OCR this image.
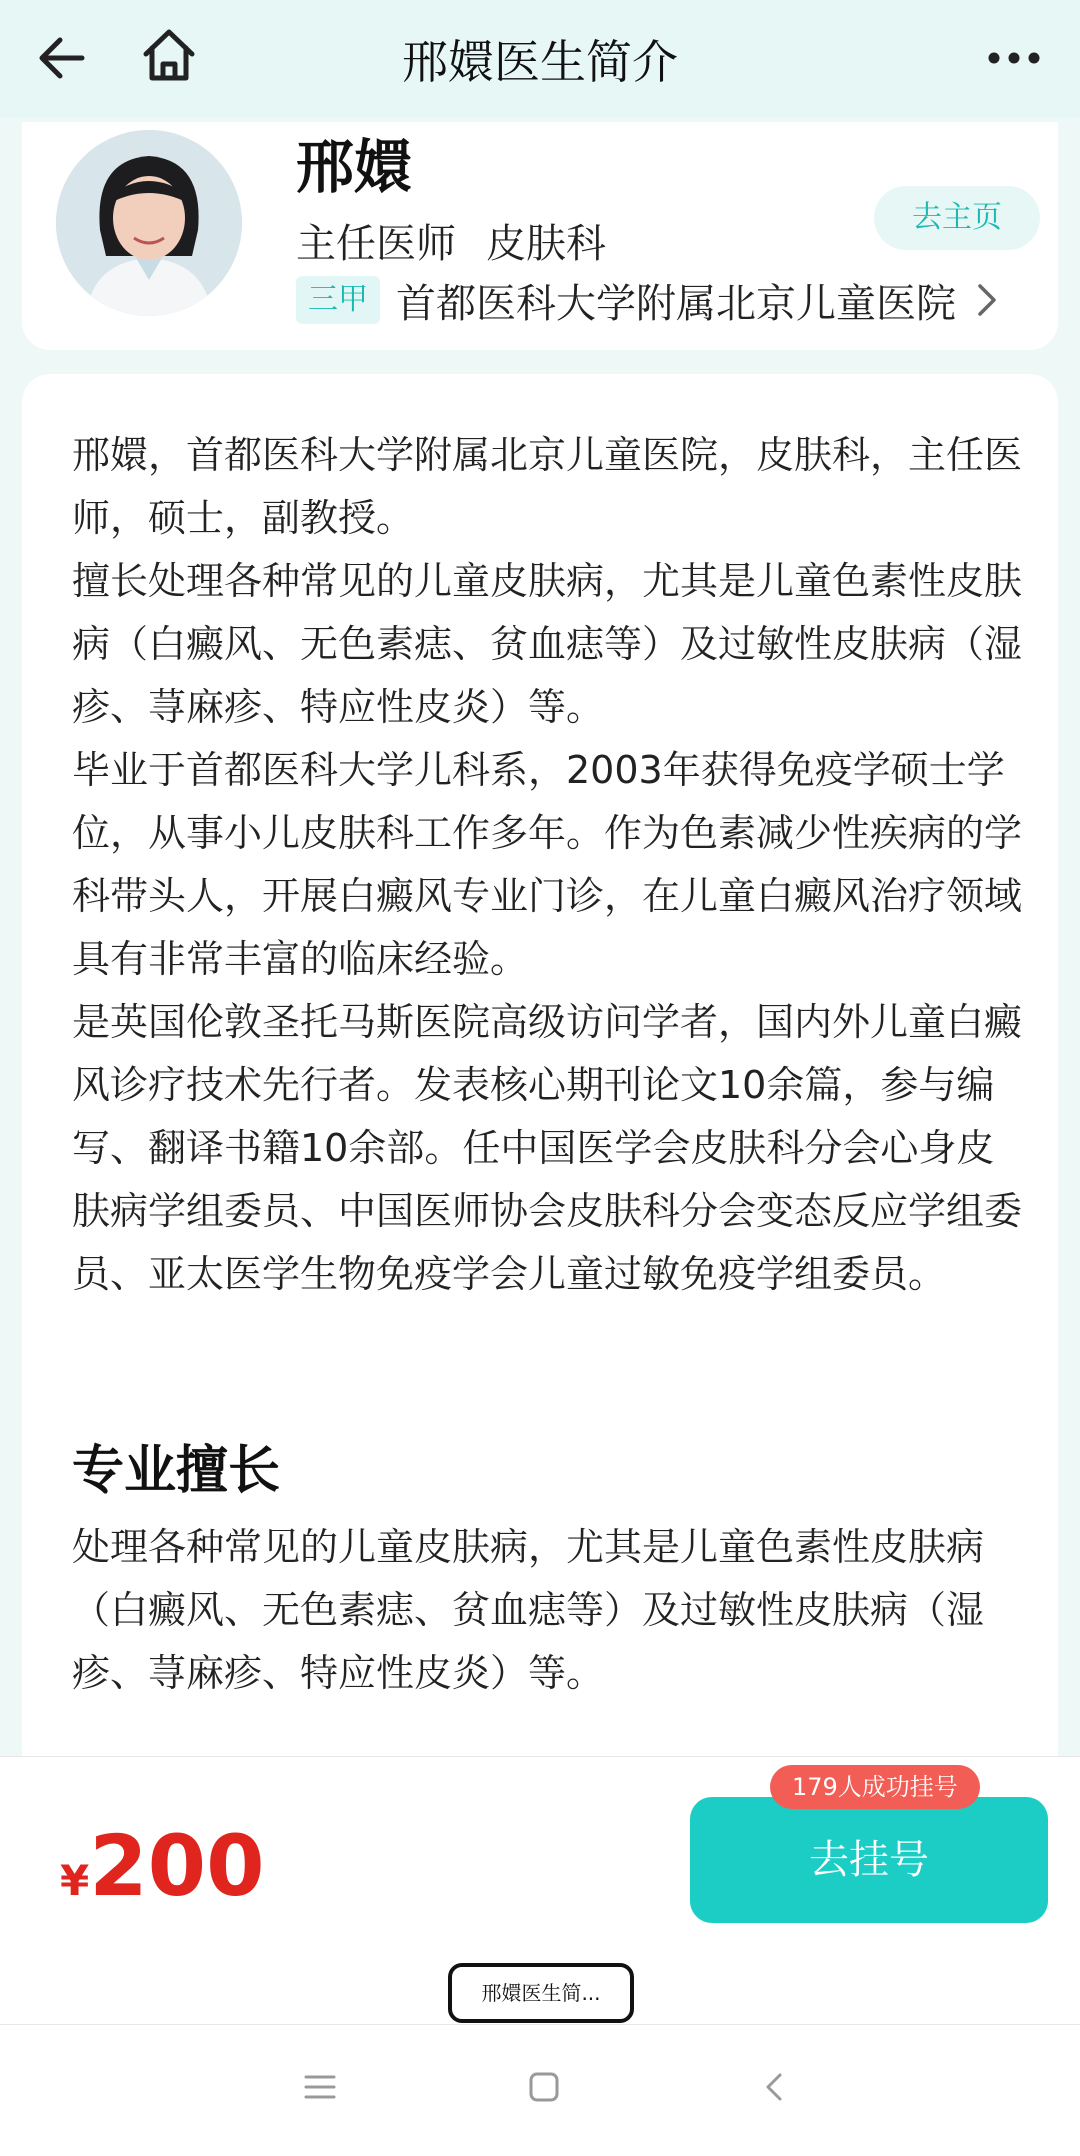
邢嬛医生简介
邢嬛
主任医师 皮肤科
三甲 首都医科大学附属北京儿童医院
去主页

邢嬛，首都医科大学附属北京儿童医院，皮肤科，主任医师，硕士，副教授。

擅长处理各种常见的儿童皮肤病，尤其是儿童色素性皮肤病（白癜风、无色素痣、贫血痣等）及过敏性皮肤病（湿疹、荨麻疹、特应性皮炎）等。

毕业于首都医科大学儿科系，2003年获得免疫学硕士学位，从事小儿皮肤科工作多年。作为色素减少性疾病的学科带头人，开展白癜风专业门诊，在儿童白癜风治疗领域具有非常丰富的临床经验。

是英国伦敦圣托马斯医院高级访问学者，国内外儿童白癜风诊疗技术先行者。发表核心期刊论文10余篇，参与编写、翻译书籍10余部。任中国医学会皮肤科分会心身皮肤病学组委员、中国医师协会皮肤科分会变态反应学组委员、亚太医学生物免疫学会儿童过敏免疫学组委员。

专业擅长

处理各种常见的儿童皮肤病，尤其是儿童色素性皮肤病（白癜风、无色素痣、贫血痣等）及过敏性皮肤病（湿疹、荨麻疹、特应性皮炎）等。

¥200	去挂号
179人成功挂号
邢嬛医生简...
